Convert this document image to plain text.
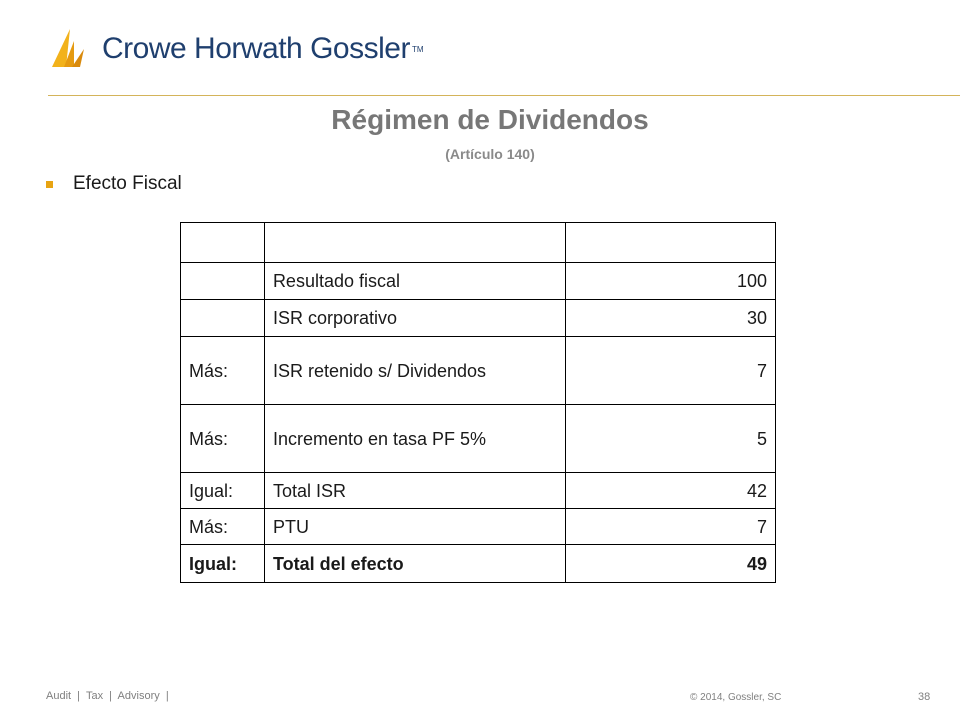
Crowe Horwath Gossler TM
Régimen de Dividendos
(Artículo 140)
Efecto Fiscal

	Resultado fiscal	100
	ISR corporativo	30
Más:	ISR retenido s/ Dividendos	7
Más:	Incremento en tasa PF 5%	5
Igual:	Total ISR	42
Más:	PTU	7
Igual:	Total del efecto	49
Audit  |  Tax  |  Advisory  |	© 2014, Gossler, SC	38
